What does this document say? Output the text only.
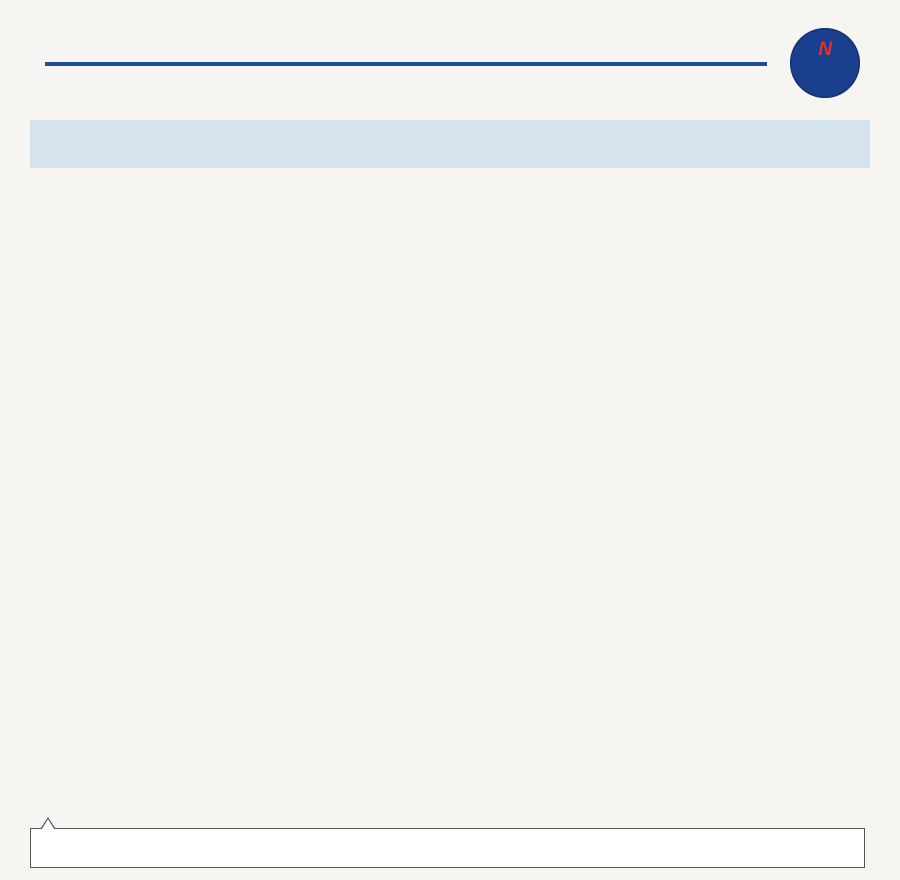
N
